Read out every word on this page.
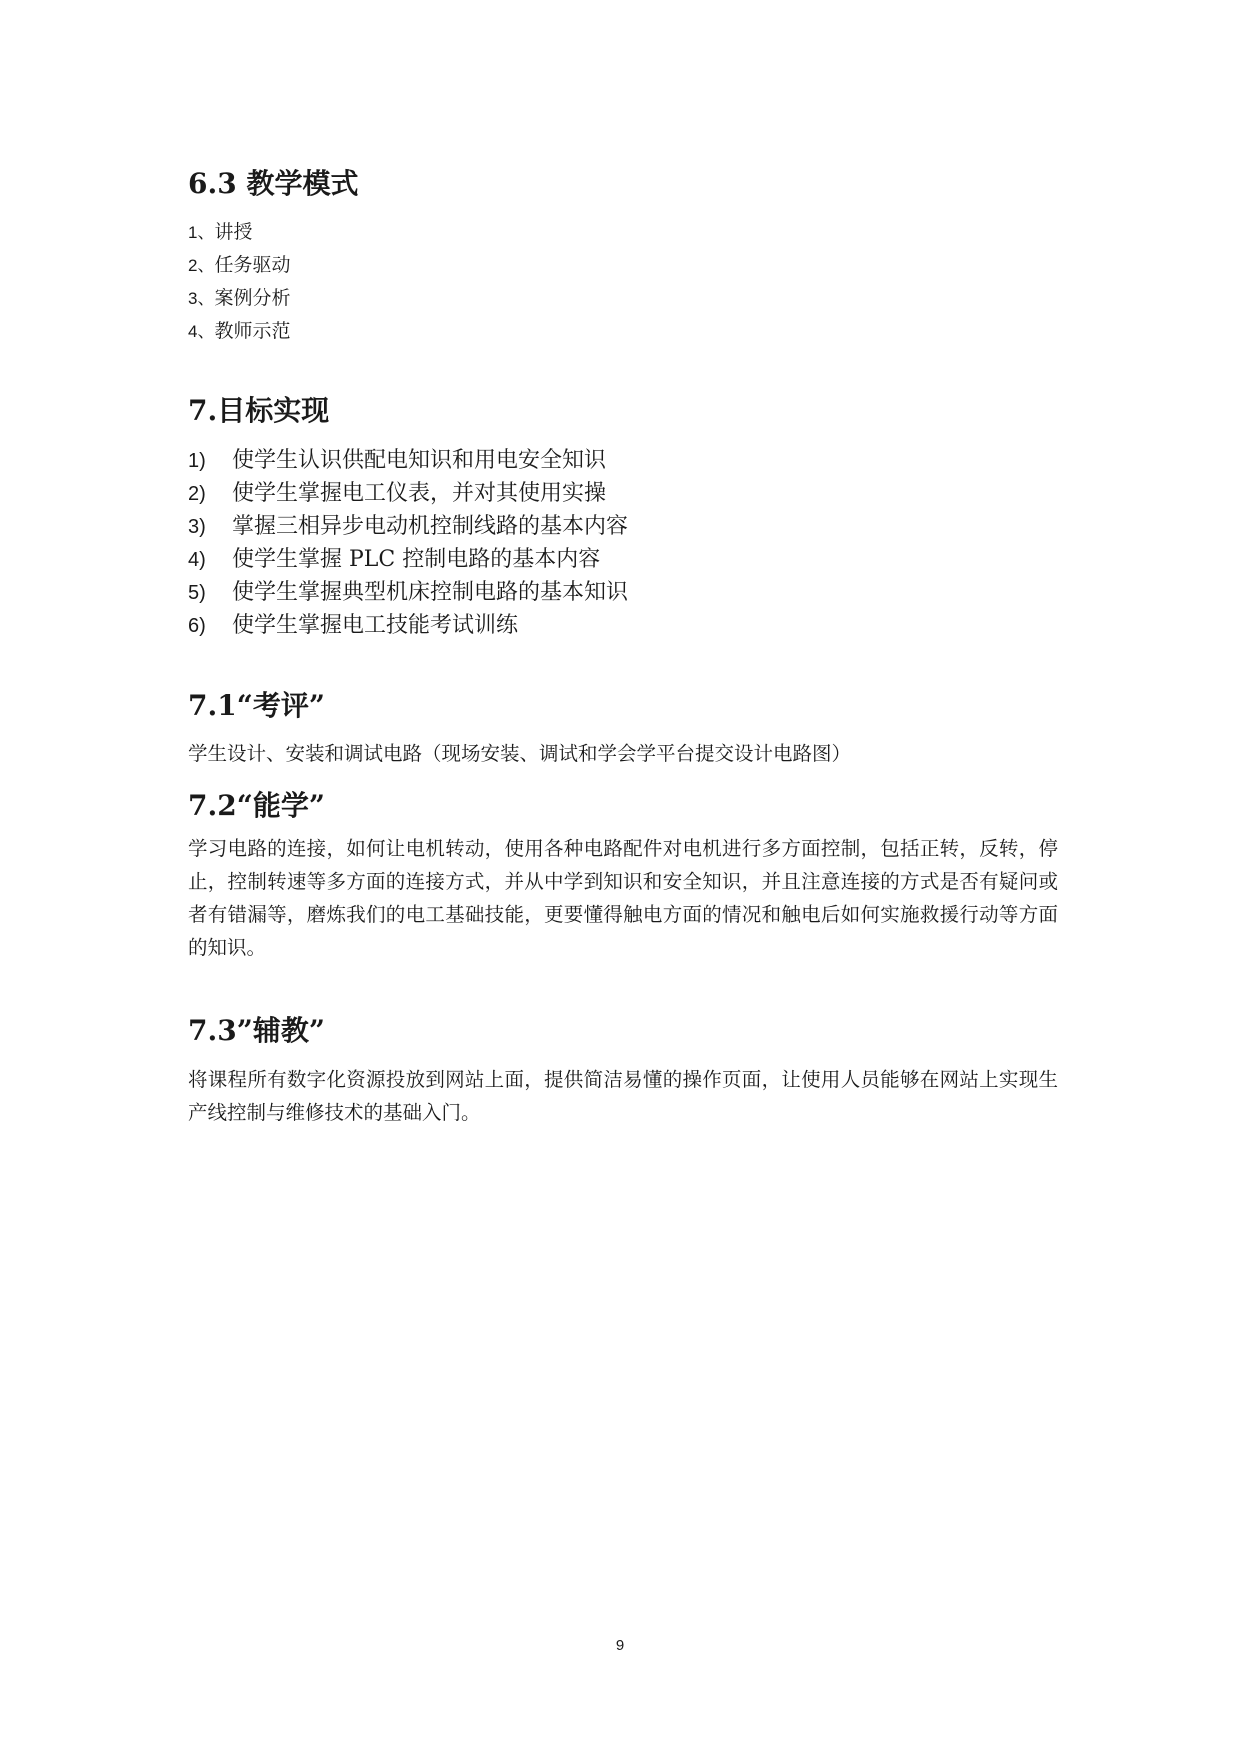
6.3 教学模式
1、讲授
2、任务驱动
3、案例分析
4、教师示范
7.目标实现
1) 使学生认识供配电知识和用电安全知识
2) 使学生掌握电工仪表，并对其使用实操
3) 掌握三相异步电动机控制线路的基本内容
4) 使学生掌握 PLC 控制电路的基本内容
5) 使学生掌握典型机床控制电路的基本知识
6) 使学生掌握电工技能考试训练
7.1“考评”

学生设计、安装和调试电路（现场安装、调试和学会学平台提交设计电路图）

7.2“能学”

学习电路的连接，如何让电机转动，使用各种电路配件对电机进行多方面控制，包括正转，反转，停止，控制转速等多方面的连接方式，并从中学到知识和安全知识，并且注意连接的方式是否有疑问或者有错漏等，磨炼我们的电工基础技能，更要懂得触电方面的情况和触电后如何实施救援行动等方面的知识。

7.3”辅教”

将课程所有数字化资源投放到网站上面，提供简洁易懂的操作页面，让使用人员能够在网站上实现生产线控制与维修技术的基础入门。

9
